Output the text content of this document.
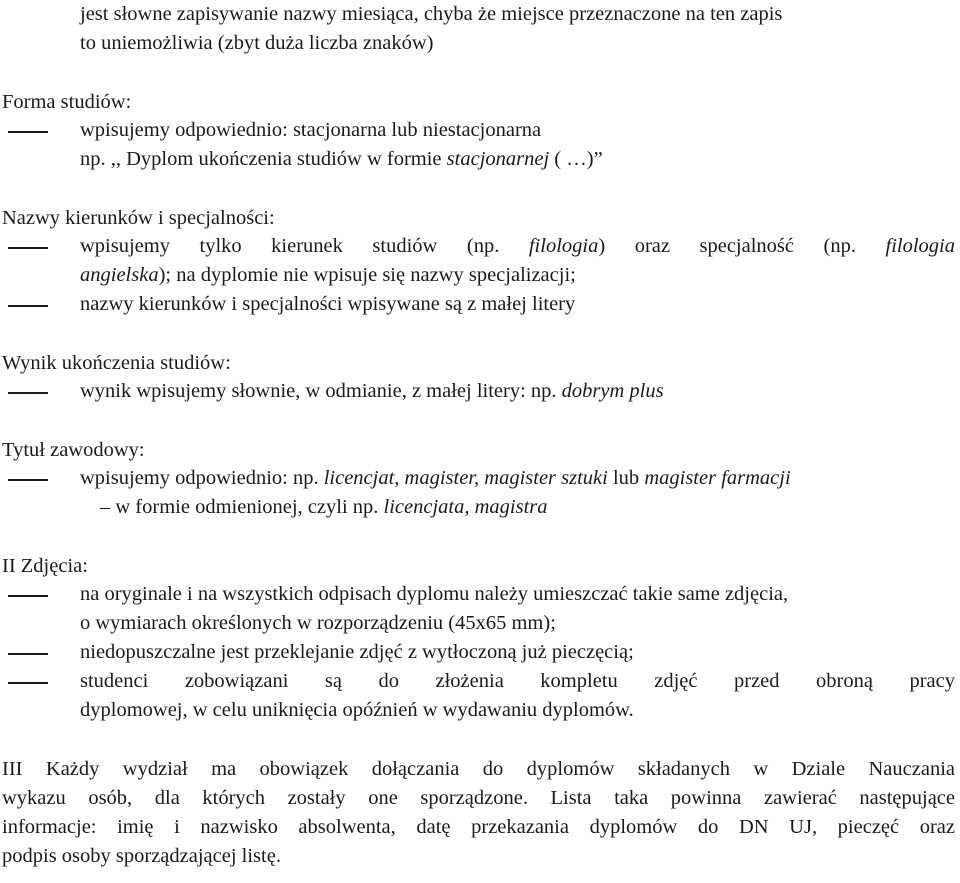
jest słowne zapisywanie nazwy miesiąca, chyba że miejsce przeznaczone na ten zapis
to uniemożliwia (zbyt duża liczba znaków)
Forma studiów:
wpisujemy odpowiednio: stacjonarna lub niestacjonarna
np. ,, Dyplom ukończenia studiów w formie stacjonarnej ( …)”
Nazwy kierunków i specjalności:
wpisujemy tylko kierunek studiów (np. filologia) oraz specjalność (np. filologia
angielska); na dyplomie nie wpisuje się nazwy specjalizacji;
nazwy kierunków i specjalności wpisywane są z małej litery
Wynik ukończenia studiów:
wynik wpisujemy słownie, w odmianie, z małej litery: np. dobrym plus
Tytuł zawodowy:
wpisujemy odpowiednio: np. licencjat, magister, magister sztuki lub magister farmacji
– w formie odmienionej, czyli np. licencjata, magistra
II Zdjęcia:
na oryginale i na wszystkich odpisach dyplomu należy umieszczać takie same zdjęcia,
o wymiarach określonych w rozporządzeniu (45x65 mm);
niedopuszczalne jest przeklejanie zdjęć z wytłoczoną już pieczęcią;
studenci zobowiązani są do złożenia kompletu zdjęć przed obroną pracy
dyplomowej, w celu uniknięcia opóźnień w wydawaniu dyplomów.
III Każdy wydział ma obowiązek dołączania do dyplomów składanych w Dziale Nauczania
wykazu osób, dla których zostały one sporządzone. Lista taka powinna zawierać następujące
informacje: imię i nazwisko absolwenta, datę przekazania dyplomów do DN UJ, pieczęć oraz
podpis osoby sporządzającej listę.
